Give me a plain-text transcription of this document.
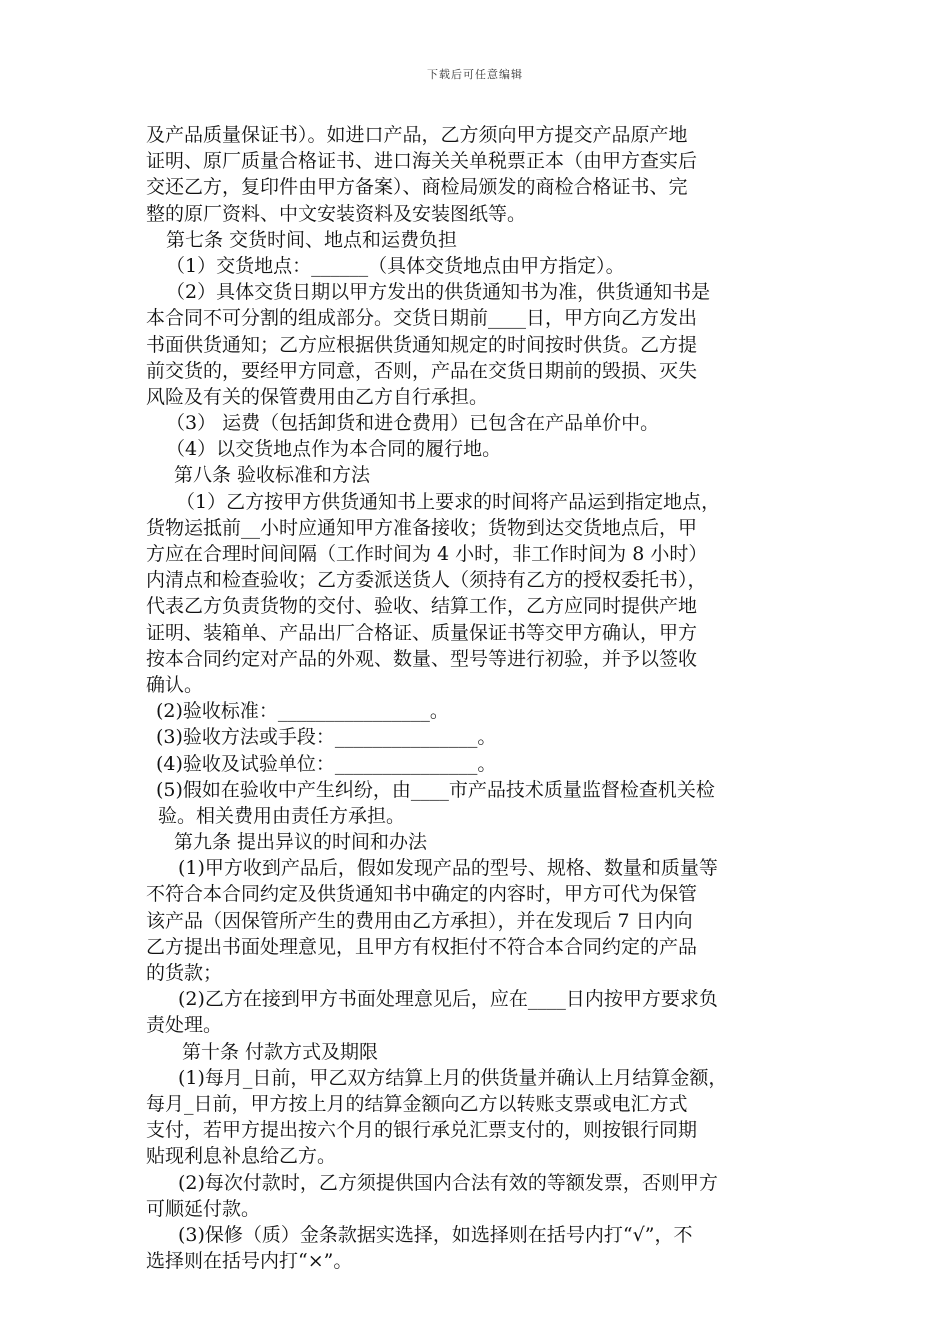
下载后可任意编辑
及产品质量保证书）。如进口产品，乙方须向甲方提交产品原产地
证明、原厂质量合格证书、进口海关关单税票正本（由甲方查实后
交还乙方，复印件由甲方备案）、商检局颁发的商检合格证书、完
整的原厂资料、中文安装资料及安装图纸等。
第七条 交货时间、地点和运费负担
（1）交货地点：______（具体交货地点由甲方指定）。
（2）具体交货日期以甲方发出的供货通知书为准，供货通知书是
本合同不可分割的组成部分。交货日期前____日，甲方向乙方发出
书面供货通知；乙方应根据供货通知规定的时间按时供货。乙方提
前交货的，要经甲方同意，否则，产品在交货日期前的毁损、灭失
风险及有关的保管费用由乙方自行承担。
（3） 运费（包括卸货和进仓费用）已包含在产品单价中。
（4）以交货地点作为本合同的履行地。
第八条 验收标准和方法
（1）乙方按甲方供货通知书上要求的时间将产品运到指定地点，
货物运抵前__小时应通知甲方准备接收；货物到达交货地点后，甲
方应在合理时间间隔（工作时间为 4 小时，非工作时间为 8 小时）
内清点和检查验收；乙方委派送货人（须持有乙方的授权委托书），
代表乙方负责货物的交付、验收、结算工作，乙方应同时提供产地
证明、装箱单、产品出厂合格证、质量保证书等交甲方确认，甲方
按本合同约定对产品的外观、数量、型号等进行初验，并予以签收
确认。
(2)验收标准：________________。
(3)验收方法或手段：_______________。
(4)验收及试验单位：_______________。
(5)假如在验收中产生纠纷，由____市产品技术质量监督检查机关检
验。相关费用由责任方承担。
第九条 提出异议的时间和办法
(1)甲方收到产品后，假如发现产品的型号、规格、数量和质量等
不符合本合同约定及供货通知书中确定的内容时，甲方可代为保管
该产品（因保管所产生的费用由乙方承担），并在发现后 7 日内向
乙方提出书面处理意见，且甲方有权拒付不符合本合同约定的产品
的货款；
(2)乙方在接到甲方书面处理意见后，应在____日内按甲方要求负
责处理。
第十条 付款方式及期限
(1)每月_日前，甲乙双方结算上月的供货量并确认上月结算金额，
每月_日前，甲方按上月的结算金额向乙方以转账支票或电汇方式
支付，若甲方提出按六个月的银行承兑汇票支付的，则按银行同期
贴现利息补息给乙方。
(2)每次付款时，乙方须提供国内合法有效的等额发票，否则甲方
可顺延付款。
(3)保修（质）金条款据实选择，如选择则在括号内打“√”，不
选择则在括号内打“×”。
